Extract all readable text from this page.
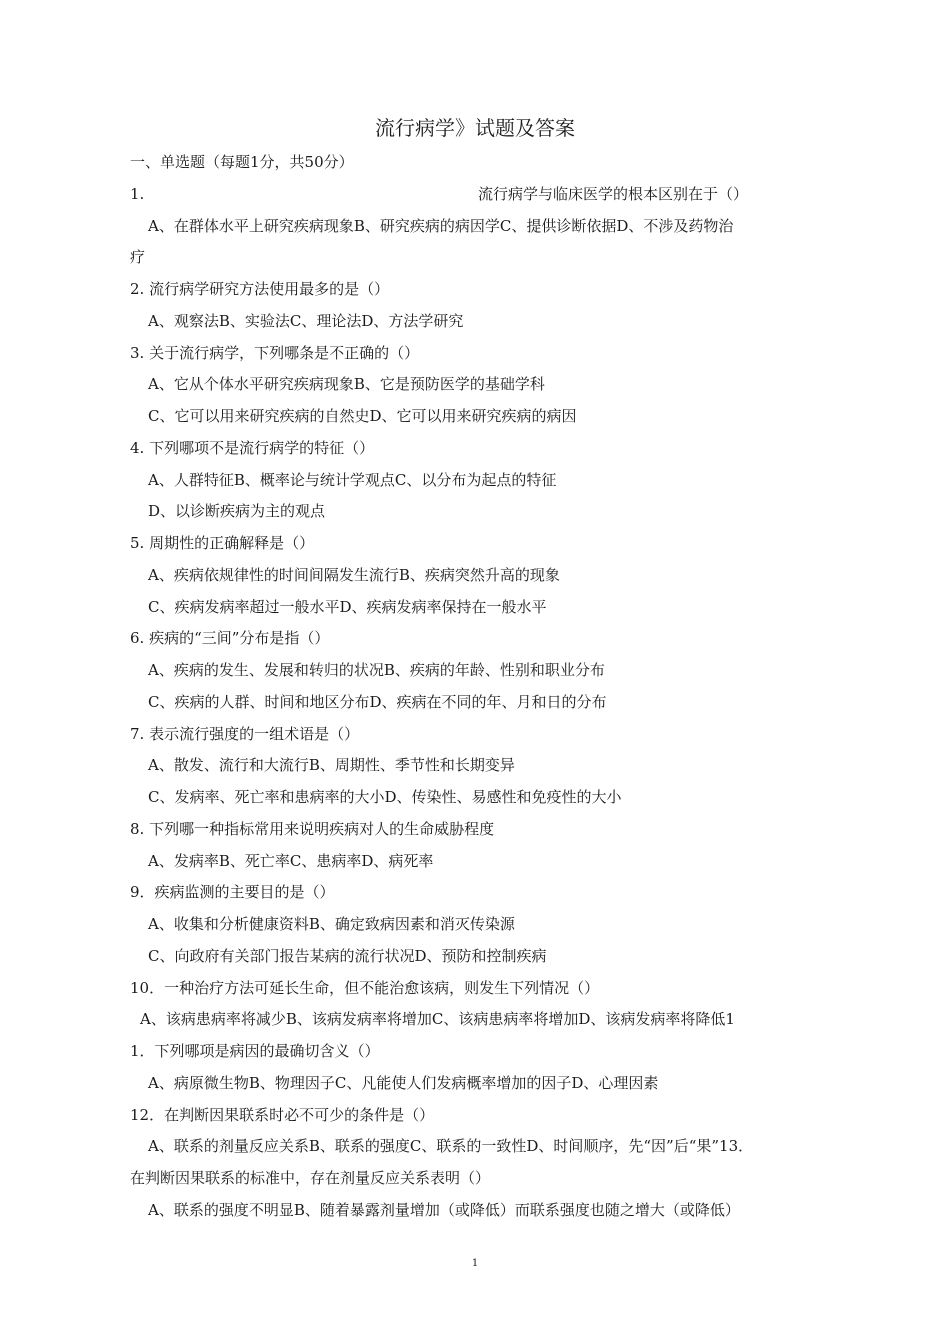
流行病学》试题及答案
一、单选题（每题1分，共50分）
1.	流行病学与临床医学的根本区别在于（）
A、在群体水平上研究疾病现象B、研究疾病的病因学C、提供诊断依据D、不涉及药物治
疗
2. 流行病学研究方法使用最多的是（）
A、观察法B、实验法C、理论法D、方法学研究
3. 关于流行病学，下列哪条是不正确的（）
A、它从个体水平研究疾病现象B、它是预防医学的基础学科
C、它可以用来研究疾病的自然史D、它可以用来研究疾病的病因
4. 下列哪项不是流行病学的特征（）
A、人群特征B、概率论与统计学观点C、以分布为起点的特征
D、以诊断疾病为主的观点
5. 周期性的正确解释是（）
A、疾病依规律性的时间间隔发生流行B、疾病突然升高的现象
C、疾病发病率超过一般水平D、疾病发病率保持在一般水平
6. 疾病的“三间”分布是指（）
A、疾病的发生、发展和转归的状况B、疾病的年龄、性别和职业分布
C、疾病的人群、时间和地区分布D、疾病在不同的年、月和日的分布
7. 表示流行强度的一组术语是（）
A、散发、流行和大流行B、周期性、季节性和长期变异
C、发病率、死亡率和患病率的大小D、传染性、易感性和免疫性的大小
8. 下列哪一种指标常用来说明疾病对人的生命威胁程度
A、发病率B、死亡率C、患病率D、病死率
9．疾病监测的主要目的是（）
A、收集和分析健康资料B、确定致病因素和消灭传染源
C、向政府有关部门报告某病的流行状况D、预防和控制疾病
10．一种治疗方法可延长生命，但不能治愈该病，则发生下列情况（）
A、该病患病率将减少B、该病发病率将增加C、该病患病率将增加D、该病发病率将降低1
1．下列哪项是病因的最确切含义（）
A、病原微生物B、物理因子C、凡能使人们发病概率增加的因子D、心理因素
12．在判断因果联系时必不可少的条件是（）
A、联系的剂量反应关系B、联系的强度C、联系的一致性D、时间顺序，先“因”后“果”13．
在判断因果联系的标准中，存在剂量反应关系表明（）
A、联系的强度不明显B、随着暴露剂量增加（或降低）而联系强度也随之增大（或降低）
1
